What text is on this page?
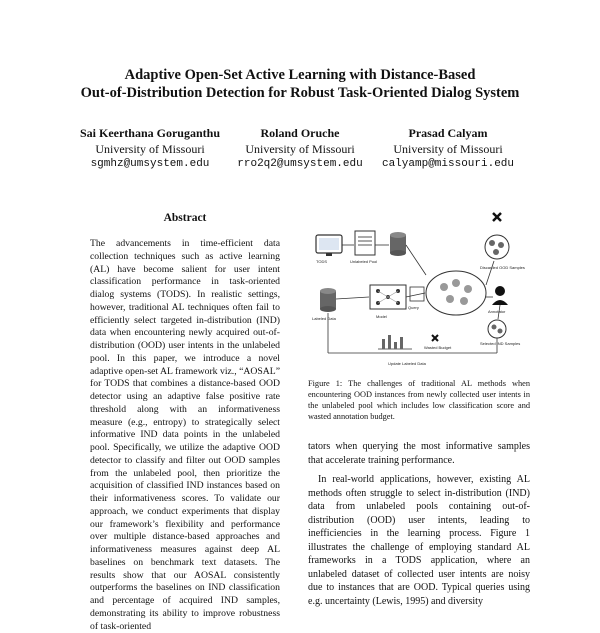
Adaptive Open-Set Active Learning with Distance-Based
Out-of-Distribution Detection for Robust Task-Oriented Dialog System
Sai Keerthana Goruganthu
University of Missouri
sgmhz@umsystem.edu
Roland Oruche
University of Missouri
rro2q2@umsystem.edu
Prasad Calyam
University of Missouri
calyamp@missouri.edu
Abstract
The advancements in time-efficient data collection techniques such as active learning (AL) have become salient for user intent classification performance in task-oriented dialog systems (TODS). In realistic settings, however, traditional AL techniques often fail to efficiently select targeted in-distribution (IND) data when encountering newly acquired out-of-distribution (OOD) user intents in the unlabeled pool. In this paper, we introduce a novel adaptive open-set AL framework viz., “AOSAL” for TODS that combines a distance-based OOD detector using an adaptive false positive rate threshold along with an informativeness measure (e.g., entropy) to strategically select informative IND data points in the unlabeled pool. Specifically, we utilize the adaptive OOD detector to classify and filter out OOD samples from the unlabeled pool, then prioritize the acquisition of classified IND instances based on their informativeness scores. To validate our approach, we conduct experiments that display our framework’s flexibility and performance over multiple distance-based approaches and informativeness measures against deep AL baselines on benchmark text datasets. The results show that our AOSAL consistently outperforms the baselines on IND classification and percentage of acquired IND samples, demonstrating its ability to improve robustness of task-oriented
TODS	Unlabeled Pool
Discarded OOD Samples
Annotator
Selected IND Samples
Labeled Data	Model
Query
Wasted Budget
Update Labeled Data
Figure 1: The challenges of traditional AL methods when encountering OOD instances from newly collected user intents in the unlabeled pool which includes low classification score and wasted annotation budget.

tators when querying the most informative samples that accelerate training performance.

In real-world applications, however, existing AL methods often struggle to select in-distribution (IND) data from unlabeled pools containing out-of-distribution (OOD) user intents, leading to inefficiencies in the learning process. Figure 1 illustrates the challenge of employing standard AL frameworks in a TODS application, where an unlabeled dataset of collected user intents are noisy due to instances that are OOD. Typical queries using e.g. uncertainty (Lewis, 1995) and diversity
